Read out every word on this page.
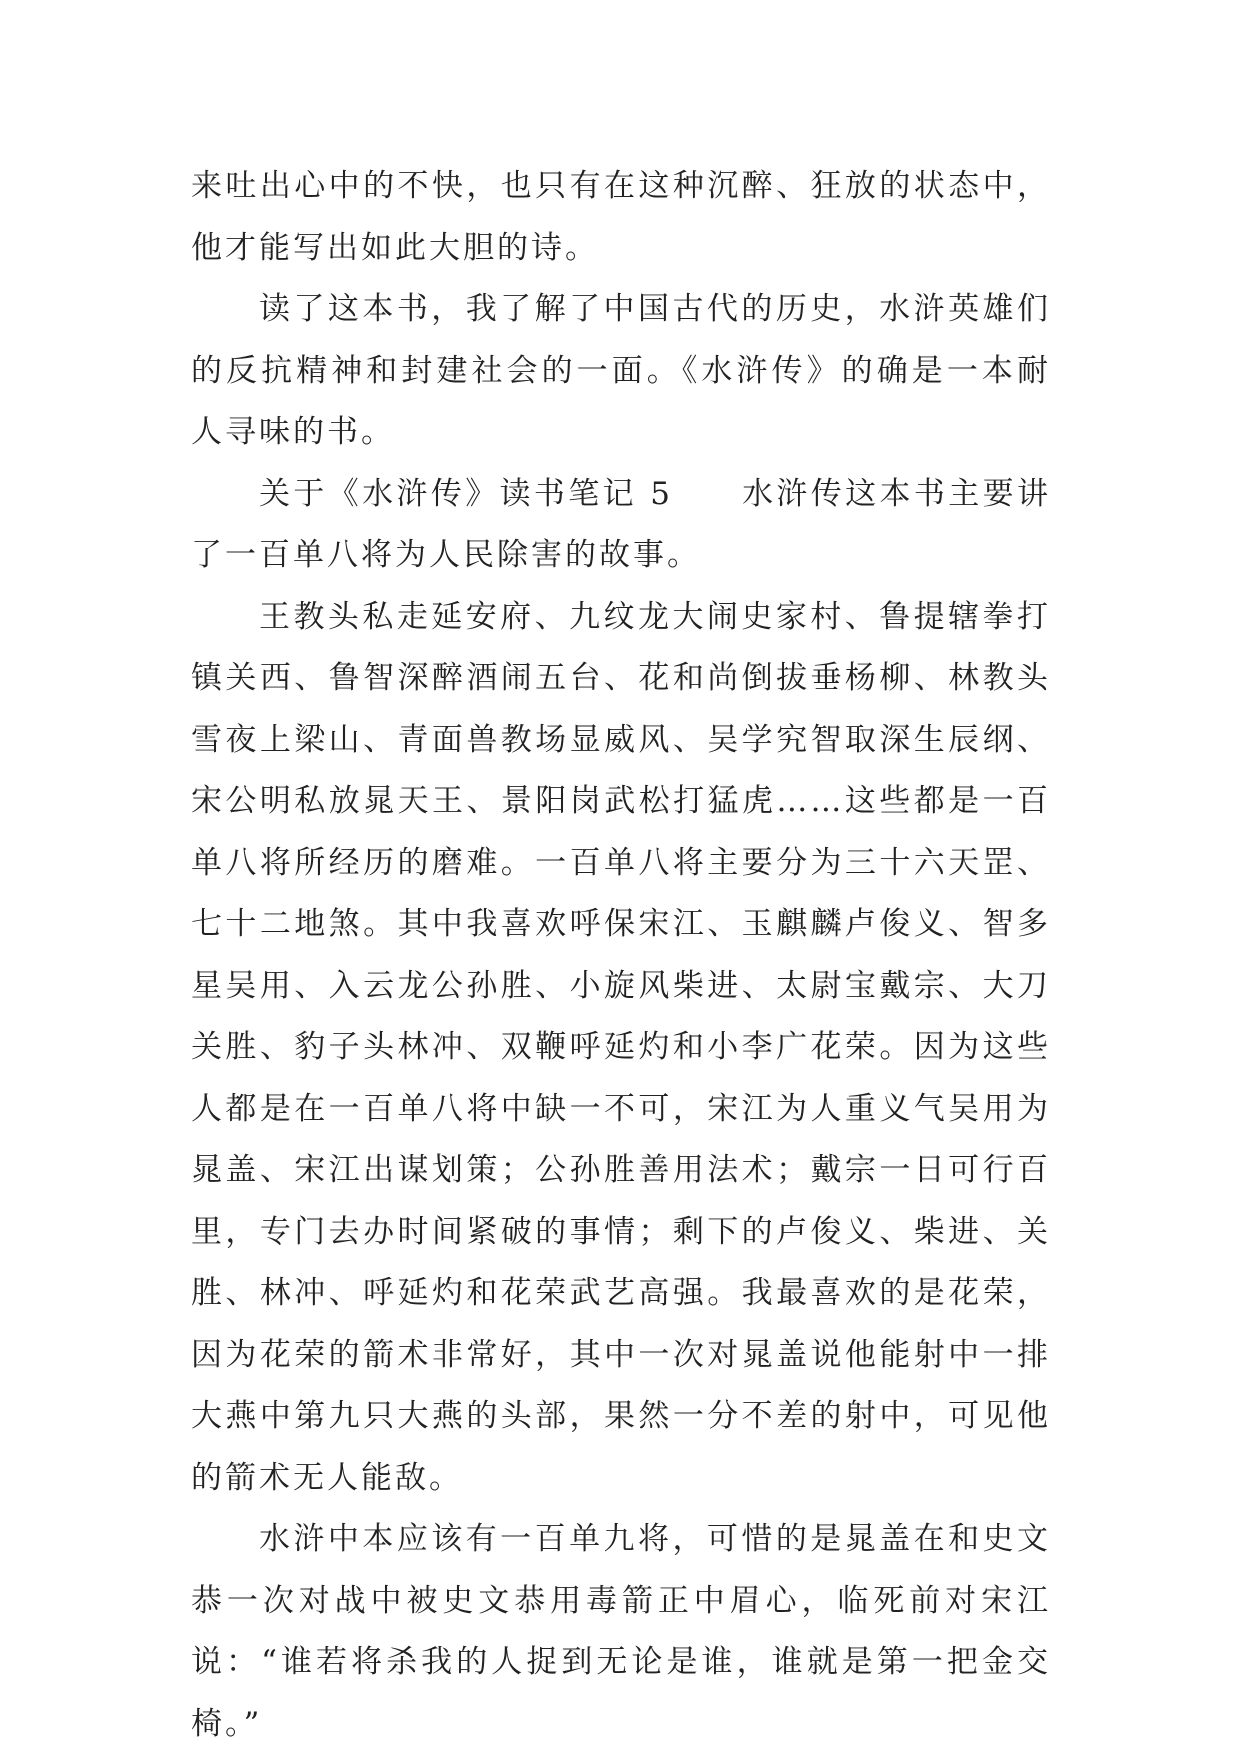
来吐出心中的不快，也只有在这种沉醉、狂放的状态中，他才能写出如此大胆的诗。

读了这本书，我了解了中国古代的历史，水浒英雄们的反抗精神和封建社会的一面。《水浒传》的确是一本耐人寻味的书。

关于《水浒传》读书笔记 5　　水浒传这本书主要讲了一百单八将为人民除害的故事。

王教头私走延安府、九纹龙大闹史家村、鲁提辖拳打镇关西、鲁智深醉酒闹五台、花和尚倒拔垂杨柳、林教头雪夜上梁山、青面兽教场显威风、吴学究智取深生辰纲、宋公明私放晁天王、景阳岗武松打猛虎……这些都是一百单八将所经历的磨难。一百单八将主要分为三十六天罡、七十二地煞。其中我喜欢呼保宋江、玉麒麟卢俊义、智多星吴用、入云龙公孙胜、小旋风柴进、太尉宝戴宗、大刀关胜、豹子头林冲、双鞭呼延灼和小李广花荣。因为这些人都是在一百单八将中缺一不可，宋江为人重义气吴用为晁盖、宋江出谋划策；公孙胜善用法术；戴宗一日可行百里，专门去办时间紧破的事情；剩下的卢俊义、柴进、关胜、林冲、呼延灼和花荣武艺高强。我最喜欢的是花荣，因为花荣的箭术非常好，其中一次对晁盖说他能射中一排大燕中第九只大燕的头部，果然一分不差的射中，可见他的箭术无人能敌。

水浒中本应该有一百单九将，可惜的是晁盖在和史文恭一次对战中被史文恭用毒箭正中眉心，临死前对宋江说：“谁若将杀我的人捉到无论是谁，谁就是第一把金交椅。”
